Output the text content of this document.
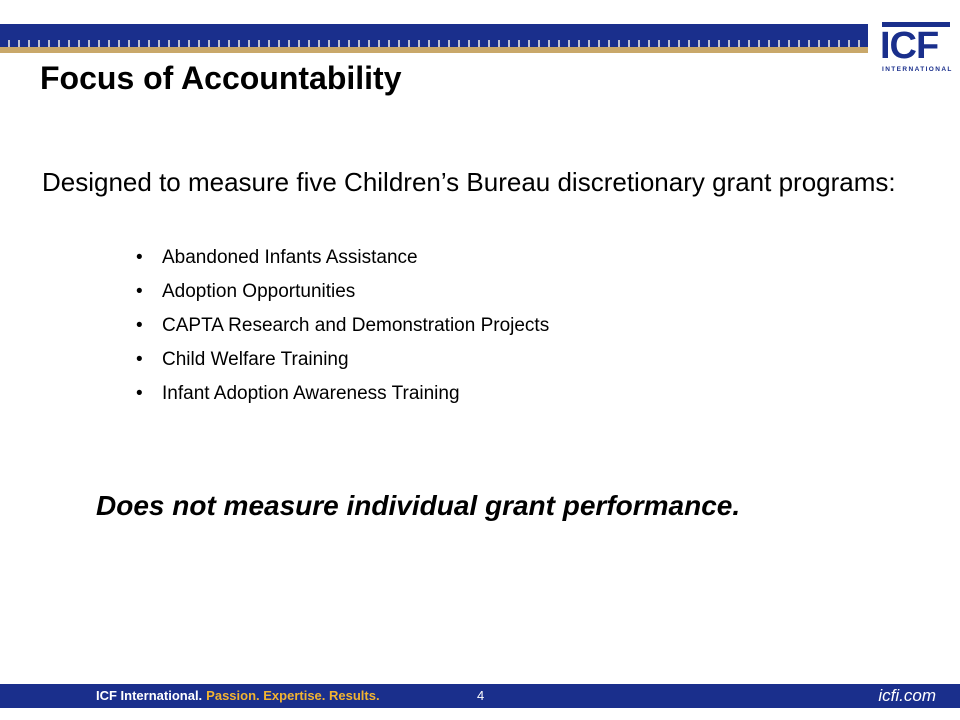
ICF
INTERNATIONAL
Focus of Accountability

Designed to measure five Children’s Bureau discretionary grant programs:

• Abandoned Infants Assistance
• Adoption Opportunities
• CAPTA Research and Demonstration Projects
• Child Welfare Training
• Infant Adoption Awareness Training

Does not measure individual grant performance.

ICF International. Passion. Expertise. Results.	4	icfi.com
